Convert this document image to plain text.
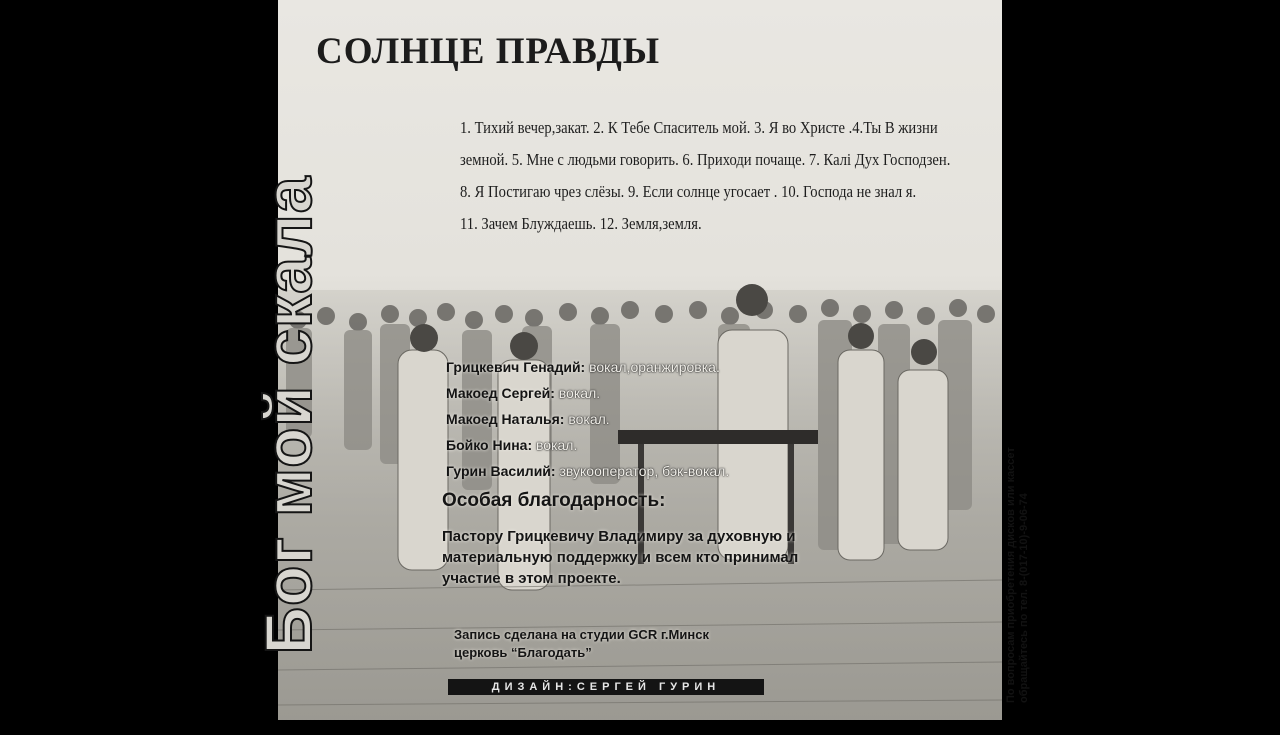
СОЛНЦЕ ПРАВДЫ

1. Тихий вечер,закат. 2. К Тебе Спаситель мой. 3. Я во Христе .4.Ты В жизни

земной. 5. Мне с людьми говорить. 6. Приходи почаще. 7. Калі Дух Господзен.

8. Я Постигаю чрез слёзы. 9. Если солнце угосает . 10. Господа не знал я.

11. Зачем Блуждаешь. 12. Земля,земля.

Бог мой скала	Грицкевич Генадий: вокал,оранжировка.
Макоед Сергей: вокал.
Макоед Наталья: вокал.
Бойко Нина: вокал.
Гурин Василий: звукооператор, бэк-вокал.
Особая благодарность:
Пастору Грицкевичу Владимиру за духовную и материальную поддержку и всем кто принимал участие в этом проекте.
Запись сделана на студии GCR г.Минск
церковь “Благодать”
ДИЗАЙН:СЕРГЕЙ ГУРИН	По вопросам приобретения дисков или кассет обращайтесь по тел. 8-(017-10)-9-06-74
